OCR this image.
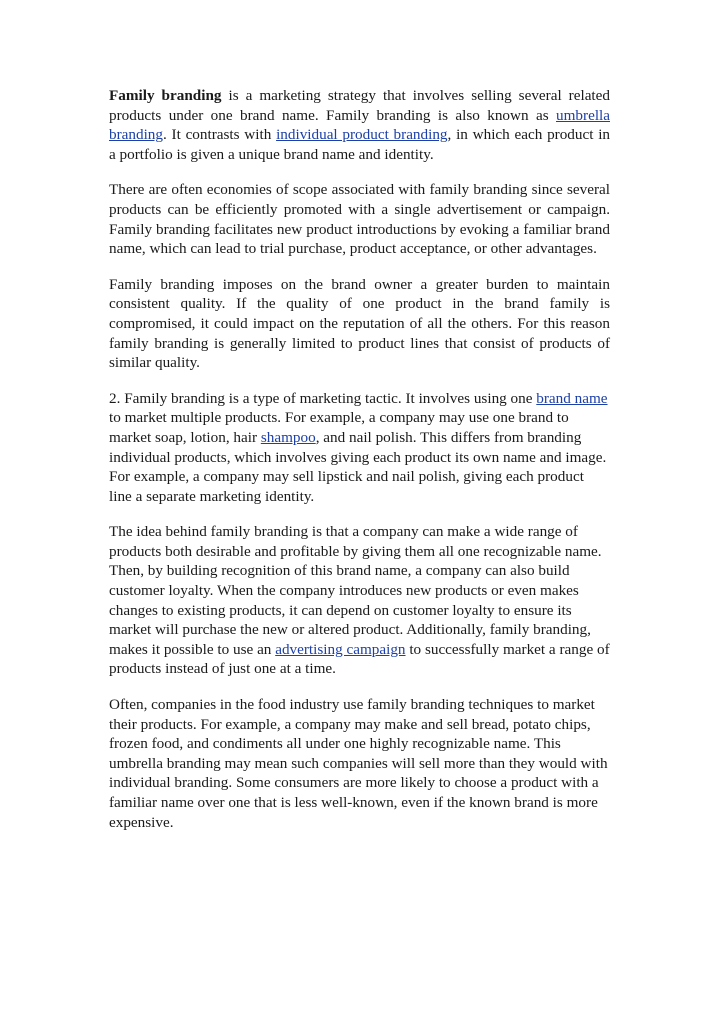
Family branding is a marketing strategy that involves selling several related products under one brand name. Family branding is also known as umbrella branding. It contrasts with individual product branding, in which each product in a portfolio is given a unique brand name and identity.

There are often economies of scope associated with family branding since several products can be efficiently promoted with a single advertisement or campaign. Family branding facilitates new product introductions by evoking a familiar brand name, which can lead to trial purchase, product acceptance, or other advantages.

Family branding imposes on the brand owner a greater burden to maintain consistent quality. If the quality of one product in the brand family is compromised, it could impact on the reputation of all the others. For this reason family branding is generally limited to product lines that consist of products of similar quality.

2. Family branding is a type of marketing tactic. It involves using one brand name to market multiple products. For example, a company may use one brand to market soap, lotion, hair shampoo, and nail polish. This differs from branding individual products, which involves giving each product its own name and image. For example, a company may sell lipstick and nail polish, giving each product line a separate marketing identity.

The idea behind family branding is that a company can make a wide range of products both desirable and profitable by giving them all one recognizable name. Then, by building recognition of this brand name, a company can also build customer loyalty. When the company introduces new products or even makes changes to existing products, it can depend on customer loyalty to ensure its market will purchase the new or altered product. Additionally, family branding, makes it possible to use an advertising campaign to successfully market a range of products instead of just one at a time.

Often, companies in the food industry use family branding techniques to market their products. For example, a company may make and sell bread, potato chips, frozen food, and condiments all under one highly recognizable name. This umbrella branding may mean such companies will sell more than they would with individual branding. Some consumers are more likely to choose a product with a familiar name over one that is less well-known, even if the known brand is more expensive.
